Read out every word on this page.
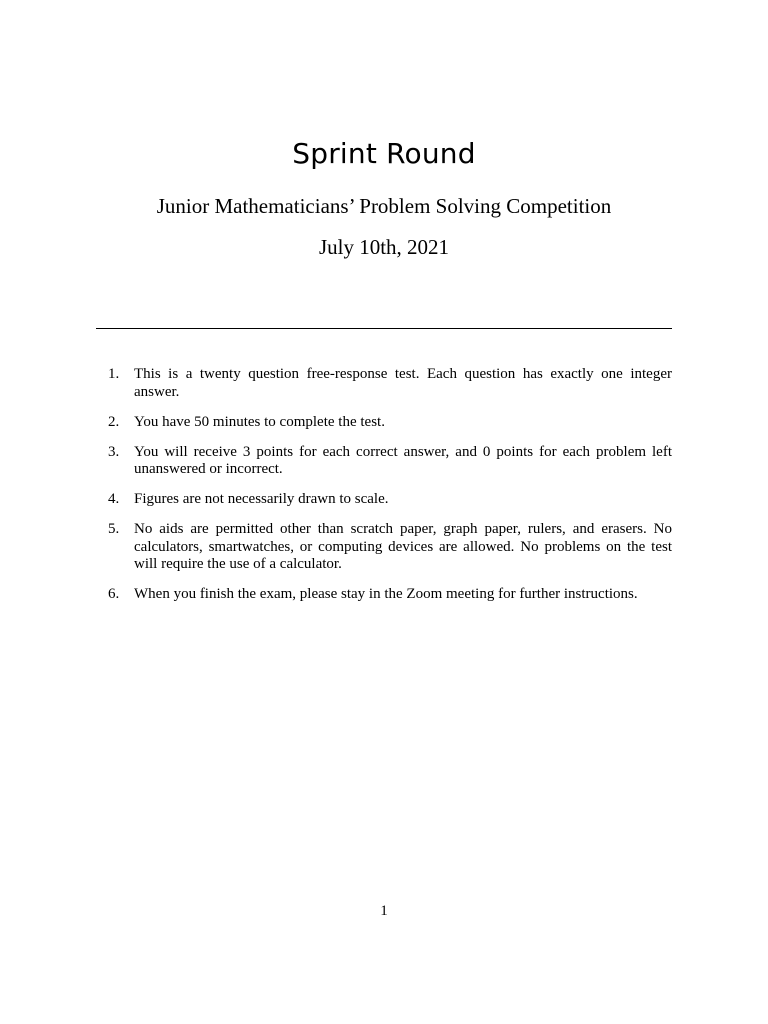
Sprint Round
Junior Mathematicians’ Problem Solving Competition
July 10th, 2021
1. This is a twenty question free-response test. Each question has exactly one integer answer.
2. You have 50 minutes to complete the test.
3. You will receive 3 points for each correct answer, and 0 points for each problem left unanswered or incorrect.
4. Figures are not necessarily drawn to scale.
5. No aids are permitted other than scratch paper, graph paper, rulers, and erasers. No calculators, smartwatches, or computing devices are allowed. No problems on the test will require the use of a calculator.
6. When you finish the exam, please stay in the Zoom meeting for further instructions.
1
